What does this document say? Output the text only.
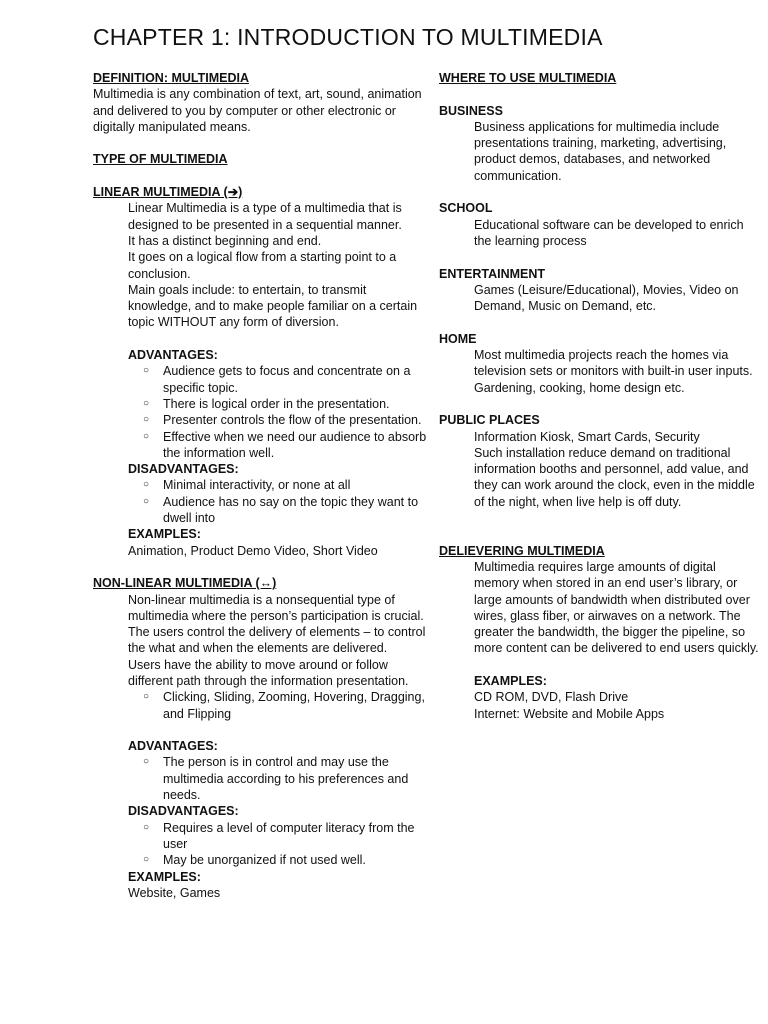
CHAPTER 1: INTRODUCTION TO MULTIMEDIA

DEFINITION: MULTIMEDIA

Multimedia is any combination of text, art, sound, animation and delivered to you by computer or other electronic or digitally manipulated means.

TYPE OF MULTIMEDIA

LINEAR MULTIMEDIA (➔)

Linear Multimedia is a type of a multimedia that is designed to be presented in a sequential manner.

It has a distinct beginning and end.

It goes on a logical flow from a starting point to a conclusion.

Main goals include: to entertain, to transmit knowledge, and to make people familiar on a certain topic WITHOUT any form of diversion.

ADVANTAGES:

○ Audience gets to focus and concentrate on a specific topic.
○ There is logical order in the presentation.
○ Presenter controls the flow of the presentation.
○ Effective when we need our audience to absorb the information well.

DISADVANTAGES:

○ Minimal interactivity, or none at all
○ Audience has no say on the topic they want to dwell into

EXAMPLES:

Animation, Product Demo Video, Short Video

NON-LINEAR MULTIMEDIA (↔)

Non-linear multimedia is a nonsequential type of multimedia where the person’s participation is crucial.

The users control the delivery of elements – to control the what and when the elements are delivered.

Users have the ability to move around or follow different path through the information presentation.

○ Clicking, Sliding, Zooming, Hovering, Dragging, and Flipping

ADVANTAGES:

○ The person is in control and may use the multimedia according to his preferences and needs.

DISADVANTAGES:

○ Requires a level of computer literacy from the user
○ May be unorganized if not used well.

EXAMPLES:

Website, Games

WHERE TO USE MULTIMEDIA

BUSINESS

Business applications for multimedia include presentations training, marketing, advertising, product demos, databases, and networked communication.

SCHOOL

Educational software can be developed to enrich the learning process

ENTERTAINMENT

Games (Leisure/Educational), Movies, Video on Demand, Music on Demand, etc.

HOME

Most multimedia projects reach the homes via television sets or monitors with built-in user inputs.

Gardening, cooking, home design etc.

PUBLIC PLACES

Information Kiosk, Smart Cards, Security

Such installation reduce demand on traditional information booths and personnel, add value, and they can work around the clock, even in the middle of the night, when live help is off duty.

DELIEVERING MULTIMEDIA

Multimedia requires large amounts of digital memory when stored in an end user’s library, or large amounts of bandwidth when distributed over wires, glass fiber, or airwaves on a network. The greater the bandwidth, the bigger the pipeline, so more content can be delivered to end users quickly.

EXAMPLES:

CD ROM, DVD, Flash Drive

Internet: Website and Mobile Apps
